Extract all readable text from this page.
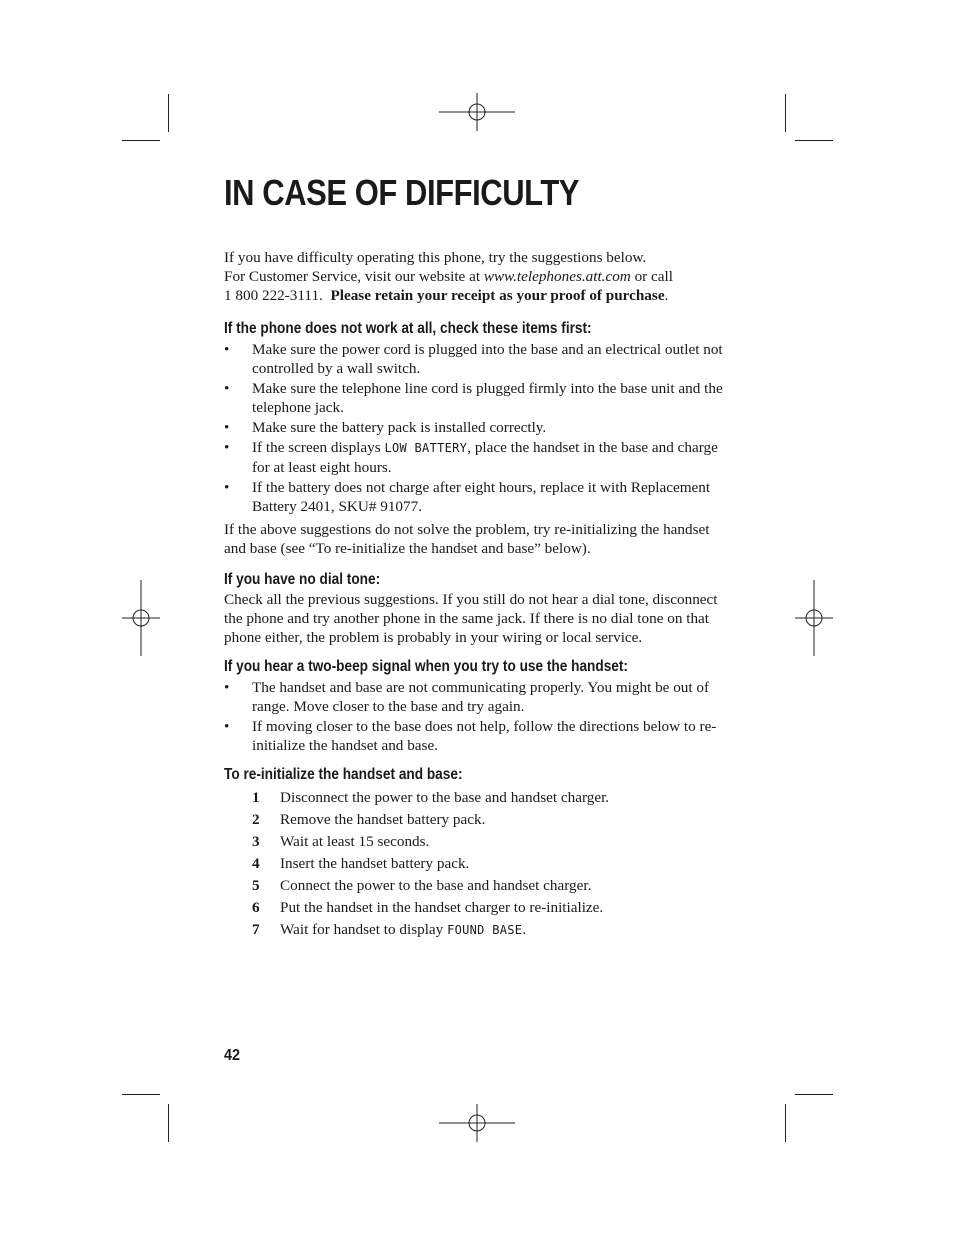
IN CASE OF DIFFICULTY

If you have difficulty operating this phone, try the suggestions below.

For Customer Service, visit our website at www.telephones.att.com or call

1 800 222-3111. Please retain your receipt as your proof of purchase.

If the phone does not work at all, check these items first:
•	Make sure the power cord is plugged into the base and an electrical outlet not controlled by a wall switch.
•	Make sure the telephone line cord is plugged firmly into the base unit and the telephone jack.
•	Make sure the battery pack is installed correctly.
•	If the screen displays LOW BATTERY, place the handset in the base and charge for at least eight hours.
•	If the battery does not charge after eight hours, replace it with Replacement Battery 2401, SKU# 91077.

If the above suggestions do not solve the problem, try re-initializing the handset and base (see “To re-initialize the handset and base” below).

If you have no dial tone:

Check all the previous suggestions. If you still do not hear a dial tone, disconnect the phone and try another phone in the same jack. If there is no dial tone on that phone either, the problem is probably in your wiring or local service.

If you hear a two-beep signal when you try to use the handset:
•	The handset and base are not communicating properly. You might be out of range. Move closer to the base and try again.
•	If moving closer to the base does not help, follow the directions below to re-initialize the handset and base.
To re-initialize the handset and base:
1 Disconnect the power to the base and handset charger.
2 Remove the handset battery pack.
3 Wait at least 15 seconds.
4 Insert the handset battery pack.
5 Connect the power to the base and handset charger.
6 Put the handset in the handset charger to re-initialize.
7 Wait for handset to display FOUND BASE.
42
